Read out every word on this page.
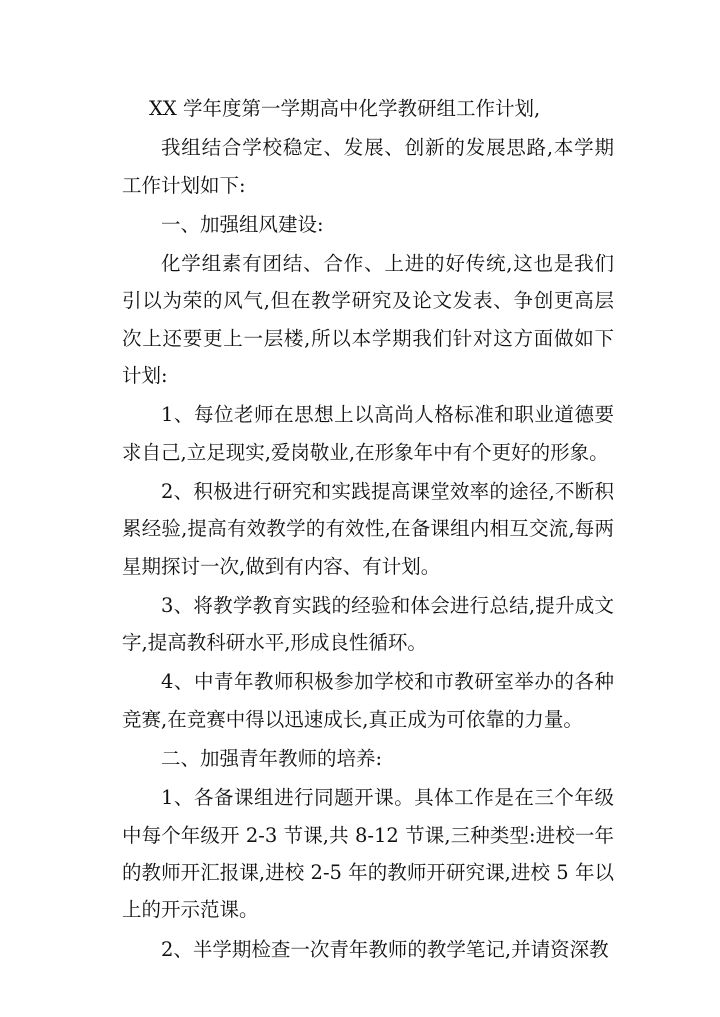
XX 学年度第一学期高中化学教研组工作计划,

我组结合学校稳定、发展、创新的发展思路,本学期工作计划如下:

一、加强组风建设:

化学组素有团结、合作、上进的好传统,这也是我们引以为荣的风气,但在教学研究及论文发表、争创更高层次上还要更上一层楼,所以本学期我们针对这方面做如下计划:

1、每位老师在思想上以高尚人格标准和职业道德要求自己,立足现实,爱岗敬业,在形象年中有个更好的形象。

2、积极进行研究和实践提高课堂效率的途径,不断积累经验,提高有效教学的有效性,在备课组内相互交流,每两星期探讨一次,做到有内容、有计划。

3、将教学教育实践的经验和体会进行总结,提升成文字,提高教科研水平,形成良性循环。

4、中青年教师积极参加学校和市教研室举办的各种竞赛,在竞赛中得以迅速成长,真正成为可依靠的力量。

二、加强青年教师的培养:

1、各备课组进行同题开课。具体工作是在三个年级中每个年级开 2-3 节课,共 8-12 节课,三种类型:进校一年的教师开汇报课,进校 2-5 年的教师开研究课,进校 5 年以上的开示范课。

2、半学期检查一次青年教师的教学笔记,并请资深教
